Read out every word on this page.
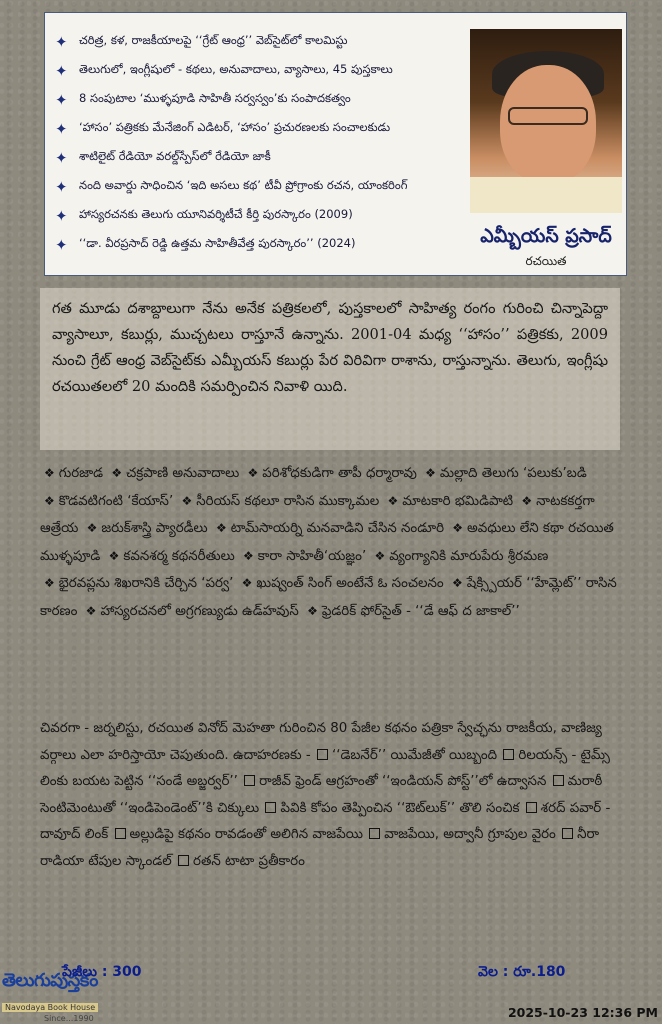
✦ చరిత్ర, కళ, రాజకీయాలపై ‘‘గ్రేట్ ఆంధ్ర’’ వెబ్‌సైట్‌లో కాలమిస్టు
✦ తెలుగులో, ఇంగ్లీషులో - కథలు, అనువాదాలు, వ్యాసాలు, 45 పుస్తకాలు
✦ 8 సంపుటాల ‘ముళ్ళపూడి సాహితీ సర్వస్వం’కు సంపాదకత్వం
✦ ‘హాసం’ పత్రికకు మేనేజింగ్ ఎడిటర్, ‘హాసం’ ప్రచురణలకు సంచాలకుడు
✦ శాటిలైట్ రేడియో వరల్డ్‌స్పేస్‌లో రేడియో జాకీ
✦ నంది అవార్డు సాధించిన ‘ఇది అసలు కథ’ టీవీ ప్రోగ్రాంకు రచన, యాంకరింగ్
✦ హాస్యరచనకు తెలుగు యూనివర్శిటీచే కీర్తి పురస్కారం (2009)
✦ ‘‘డా. వీరప్రసాద్ రెడ్డి ఉత్తమ సాహితీవేత్త పురస్కారం’’ (2024)	ఎమ్బీయస్ ప్రసాద్
రచయిత
గత మూడు దశాబ్దాలుగా నేను అనేక పత్రికలలో, పుస్తకాలలో సాహిత్య రంగం గురించి చిన్నాపెద్దా వ్యాసాలూ, కబుర్లు, ముచ్చటలు రాస్తూనే ఉన్నాను. 2001-04 మధ్య ‘‘హాసం’’ పత్రికకు, 2009 నుంచి గ్రేట్ ఆంధ్ర వెబ్‌సైట్‌కు ఎమ్బీయస్ కబుర్లు పేర విరివిగా రాశాను, రాస్తున్నాను. తెలుగు, ఇంగ్లీషు రచయితలలో 20 మందికి సమర్పించిన నివాళి యిది.
❖ గురజాడ ❖ చక్రపాణి అనువాదాలు ❖ పరిశోధకుడిగా తాపీ ధర్మారావు ❖ మల్లాది తెలుగు ‘పలుకు’బడి ❖ కొడవటిగంటి ‘కేయాస్’ ❖ సీరియస్ కథలూ రాసిన ముక్కామల ❖ మాటకారి భమిడిపాటి ❖ నాటకకర్తగా ఆత్రేయ ❖ జరుక్‌శాస్త్రి ప్యారడీలు ❖ టామ్‌సాయర్ని మనవాడిని చేసిన నండూరి ❖ అవధులు లేని కథా రచయిత ముళ్ళపూడి ❖ కవనశర్మ కథనరీతులు ❖ కారా సాహితీ‘యజ్ఞం’ ❖ వ్యంగ్యానికి మారుపేరు శ్రీరమణ ❖ భైరవప్లను శిఖరానికి చేర్చిన ‘పర్వ’ ❖ ఖుష్వంత్ సింగ్ అంటేనే ఓ సంచలనం ❖ షేక్స్పియర్ ‘‘హేమ్లెట్’’ రాసిన కారణం ❖ హాస్యరచనలో అగ్రగణ్యుడు ఉడ్‌హవుస్ ❖ ఫ్రెడరిక్ ఫోర్‌సైత్ - ‘‘డే ఆఫ్ ద జాకాల్’’
చివరగా - జర్నలిస్టు, రచయిత వినోద్ మెహతా గురించిన 80 పేజీల కథనం పత్రికా స్వేచ్ఛను రాజకీయ, వాణిజ్య వర్గాలు ఎలా హరిస్తాయో చెపుతుంది. ఉదాహరణకు - ‘‘డెబనేర్’’ యిమేజీతో యిబ్బంది రిలయన్స్ - టైమ్స్ లింకు బయట పెట్టిన ‘‘సండే అబ్జర్వర్’’ రాజీవ్ ఫ్రెండ్ ఆగ్రహంతో ‘‘ఇండియన్ పోస్ట్’’లో ఉద్వాసన మరాఠీ సెంటిమెంటుతో ‘‘ఇండిపెండెంట్’’కి చిక్కులు పివికి కోపం తెప్పించిన ‘‘ఔట్‌లుక్’’ తొలి సంచిక శరద్ పవార్ - దావూద్ లింక్ అల్లుడిపై కథనం రావడంతో అలిగిన వాజపేయి వాజపేయి, అద్వానీ గ్రూపుల వైరం నీరా రాడియా టేపుల స్కాండల్ రతన్ టాటా ప్రతీకారం
తెలుగుపుస్తకం
Navodaya Book House
Since...1990
పేజీలు : 300	వెల : రూ.180
2025-10-23 12:36 PM
